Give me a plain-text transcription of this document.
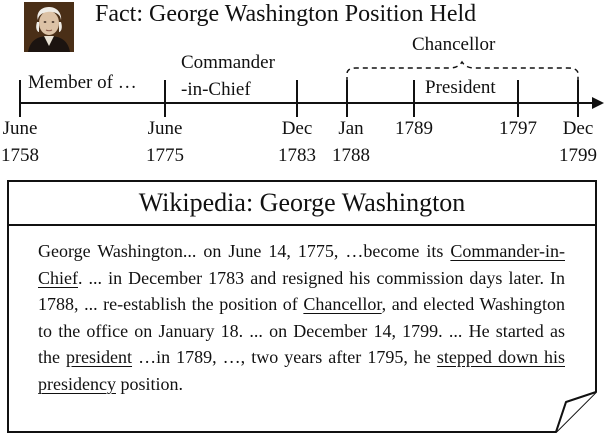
Fact: George Washington Position Held
Member of …
Commander
-in-Chief	President
Chancellor
June
1758
June
1775
Dec
1783
Jan
1788
1789	1797 Dec
1799
Wikipedia: George Washington
George Washington... on June 14, 1775, …become its Commander-in-Chief. ... in December 1783 and resigned his commission days later. In 1788, ... re-establish the position of Chancellor, and elected Washington to the office on January 18. ... on December 14, 1799. ... He started as the president …in 1789, …, two years after 1795, he stepped down his presidency position.
